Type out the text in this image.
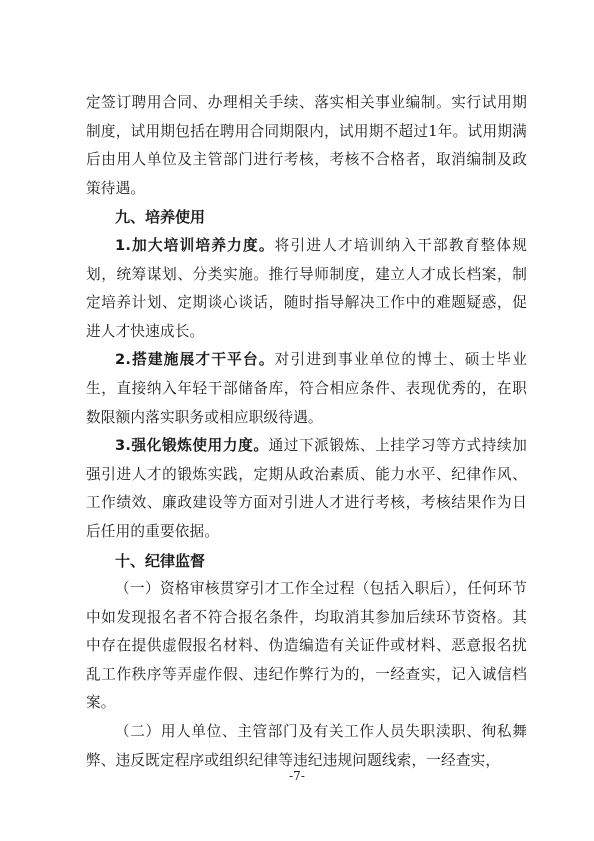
定签订聘用合同、办理相关手续、落实相关事业编制。实行试用期制度，试用期包括在聘用合同期限内，试用期不超过1年。试用期满后由用人单位及主管部门进行考核，考核不合格者，取消编制及政策待遇。

九、培养使用

1.加大培训培养力度。将引进人才培训纳入干部教育整体规划，统筹谋划、分类实施。推行导师制度，建立人才成长档案，制定培养计划、定期谈心谈话，随时指导解决工作中的难题疑惑，促进人才快速成长。

2.搭建施展才干平台。对引进到事业单位的博士、硕士毕业生，直接纳入年轻干部储备库，符合相应条件、表现优秀的，在职数限额内落实职务或相应职级待遇。

3.强化锻炼使用力度。通过下派锻炼、上挂学习等方式持续加强引进人才的锻炼实践，定期从政治素质、能力水平、纪律作风、工作绩效、廉政建设等方面对引进人才进行考核，考核结果作为日后任用的重要依据。

十、纪律监督

（一）资格审核贯穿引才工作全过程（包括入职后），任何环节中如发现报名者不符合报名条件，均取消其参加后续环节资格。其中存在提供虚假报名材料、伪造编造有关证件或材料、恶意报名扰乱工作秩序等弄虚作假、违纪作弊行为的，一经查实，记入诚信档案。

（二）用人单位、主管部门及有关工作人员失职渎职、徇私舞弊、违反既定程序或组织纪律等违纪违规问题线索，一经查实，

-7-
